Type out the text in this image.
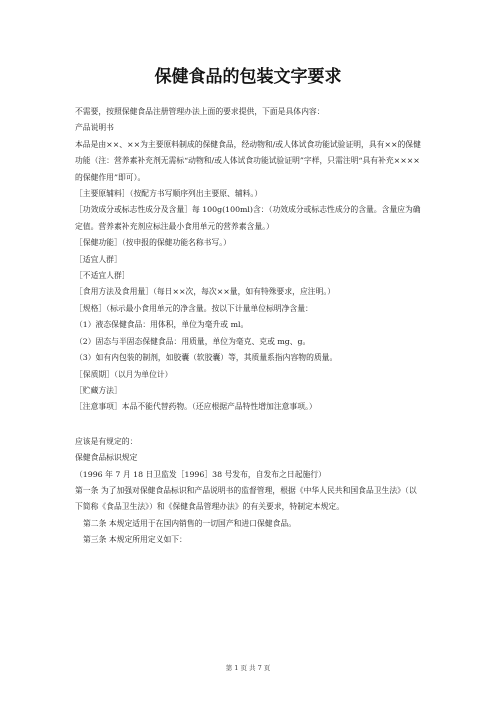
保健食品的包装文字要求

不需要，按照保健食品注册管理办法上面的要求提供，下面是具体内容：

产品说明书

本品是由××、××为主要原料制成的保健食品，经动物和/或人体试食功能试验证明，具有××的保健功能（注：营养素补充剂无需标“动物和/或人体试食功能试验证明”字样，只需注明“具有补充××××的保健作用”即可）。

［主要原辅料］（按配方书写顺序列出主要原、辅料。）

［功效成分或标志性成分及含量］每 100g(100ml)含：（功效成分或标志性成分的含量。含量应为确定值。营养素补充剂应标注最小食用单元的营养素含量。）

［保健功能］（按申报的保健功能名称书写。）

［适宜人群］

［不适宜人群］

［食用方法及食用量］（每日××次，每次××量，如有特殊要求，应注明。）

［规格］（标示最小食用单元的净含量。按以下计量单位标明净含量：

（1）液态保健食品：用体积，单位为毫升或 ml。

（2）固态与半固态保健食品：用质量，单位为毫克、克或 mg、g。

（3）如有内包装的制剂，如胶囊（软胶囊）等，其质量系指内容物的质量。

［保质期］（以月为单位计）

［贮藏方法］

［注意事项］本品不能代替药物。（还应根据产品特性增加注意事项。）

应该是有规定的：

保健食品标识规定

（1996 年 7 月 18 日卫监发［1996］38 号发布，自发布之日起施行）

第一条 为了加强对保健食品标识和产品说明书的监督管理，根据《中华人民共和国食品卫生法》（以下简称《食品卫生法》）和《保健食品管理办法》的有关要求，特制定本规定。

第二条 本规定适用于在国内销售的一切国产和进口保健食品。

第三条 本规定所用定义如下：

第 1 页 共 7 页
